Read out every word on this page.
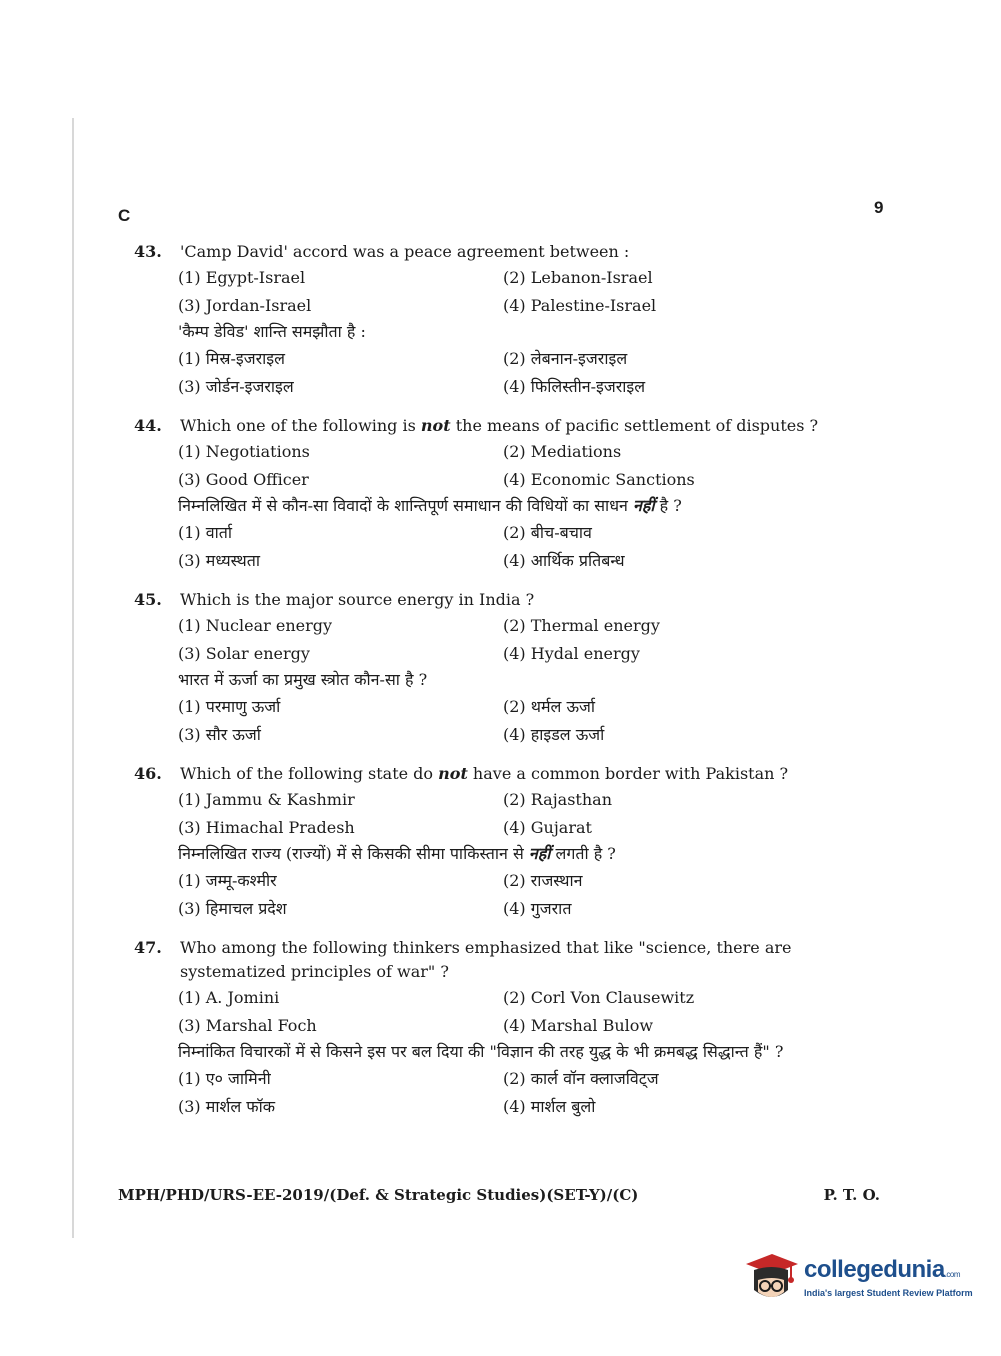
C	9
43. 'Camp David' accord was a peace agreement between :
(1) Egypt-Israel	(2) Lebanon-Israel
(3) Jordan-Israel	(4) Palestine-Israel
'कैम्प डेविड' शान्ति समझौता है :
(1) मिस्र-इजराइल	(2) लेबनान-इजराइल
(3) जोर्डन-इजराइल	(4) फिलिस्तीन-इजराइल
44. Which one of the following is not the means of pacific settlement of disputes ?
(1) Negotiations	(2) Mediations
(3) Good Officer	(4) Economic Sanctions
निम्नलिखित में से कौन-सा विवादों के शान्तिपूर्ण समाधान की विधियों का साधन नहीं है ?
(1) वार्ता	(2) बीच-बचाव
(3) मध्यस्थता	(4) आर्थिक प्रतिबन्ध
45. Which is the major source energy in India ?
(1) Nuclear energy	(2) Thermal energy
(3) Solar energy	(4) Hydal energy
भारत में ऊर्जा का प्रमुख स्त्रोत कौन-सा है ?
(1) परमाणु ऊर्जा	(2) थर्मल ऊर्जा
(3) सौर ऊर्जा	(4) हाइडल ऊर्जा
46. Which of the following state do not have a common border with Pakistan ?
(1) Jammu & Kashmir	(2) Rajasthan
(3) Himachal Pradesh	(4) Gujarat
निम्नलिखित राज्य (राज्यों) में से किसकी सीमा पाकिस्तान से नहीं लगती है ?
(1) जम्मू-कश्मीर	(2) राजस्थान
(3) हिमाचल प्रदेश	(4) गुजरात
47. Who among the following thinkers emphasized that like "science, there are systematized principles of war" ?
(1) A. Jomini	(2) Corl Von Clausewitz
(3) Marshal Foch	(4) Marshal Bulow
निम्नांकित विचारकों में से किसने इस पर बल दिया की "विज्ञान की तरह युद्ध के भी क्रमबद्ध सिद्धान्त हैं" ?
(1) ए० जामिनी	(2) कार्ल वॉन क्लाजविट्ज
(3) मार्शल फॉक	(4) मार्शल बुलो
MPH/PHD/URS-EE-2019/(Def. & Strategic Studies)(SET-Y)/(C)	P. T. O.
collegedunia.com
India's largest Student Review Platform
